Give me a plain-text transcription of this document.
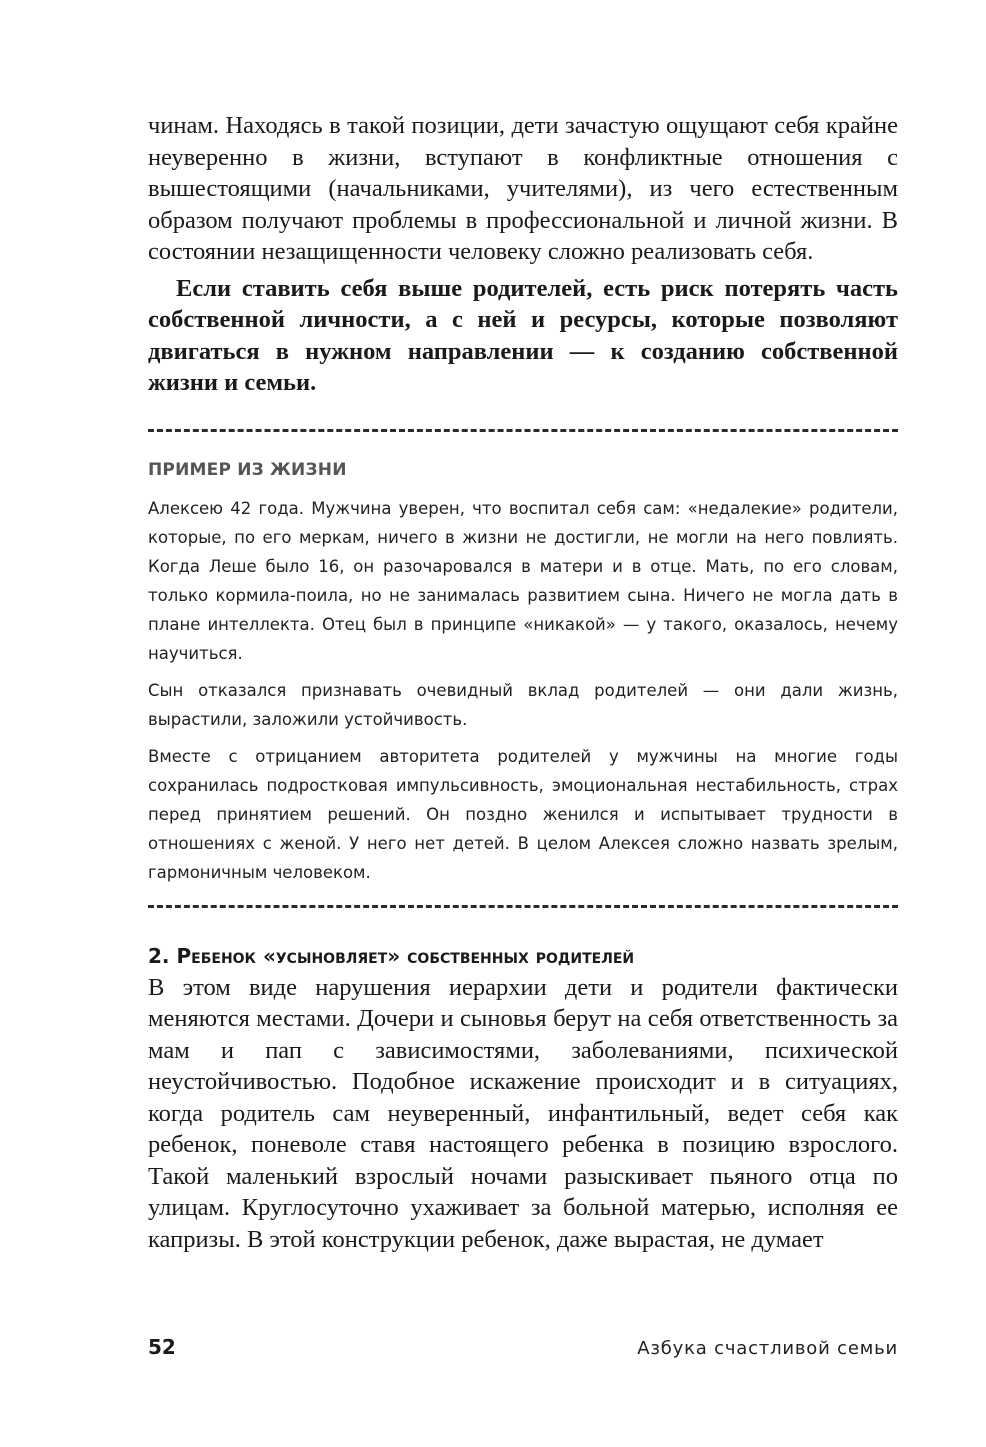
чинам. Находясь в такой позиции, дети зачастую ощущают себя крайне неуверенно в жизни, вступают в конфликтные отношения с вышестоящими (начальниками, учителями), из чего естественным образом получают проблемы в профессиональной и личной жизни. В состоянии незащищенности человеку сложно реализовать себя.

Если ставить себя выше родителей, есть риск потерять часть собственной личности, а с ней и ресурсы, которые позволяют двигаться в нужном направлении — к созданию собственной жизни и семьи.

ПРИМЕР ИЗ ЖИЗНИ

Алексею 42 года. Мужчина уверен, что воспитал себя сам: «недалекие» родители, которые, по его меркам, ничего в жизни не достигли, не могли на него повлиять. Когда Леше было 16, он разочаровался в матери и в отце. Мать, по его словам, только кормила-поила, но не занималась развитием сына. Ничего не могла дать в плане интеллекта. Отец был в принципе «никакой» — у такого, оказалось, нечему научиться.

Сын отказался признавать очевидный вклад родителей — они дали жизнь, вырастили, заложили устойчивость.

Вместе с отрицанием авторитета родителей у мужчины на многие годы сохранилась подростковая импульсивность, эмоциональная нестабильность, страх перед принятием решений. Он поздно женился и испытывает трудности в отношениях с женой. У него нет детей. В целом Алексея сложно назвать зрелым, гармоничным человеком.

2. Ребенок «усыновляет» собственных родителей

В этом виде нарушения иерархии дети и родители фактически меняются местами. Дочери и сыновья берут на себя ответственность за мам и пап с зависимостями, заболеваниями, психической неустойчивостью. Подобное искажение происходит и в ситуациях, когда родитель сам неуверенный, инфантильный, ведет себя как ребенок, поневоле ставя настоящего ребенка в позицию взрослого. Такой маленький взрослый ночами разыскивает пьяного отца по улицам. Круглосуточно ухаживает за больной матерью, исполняя ее капризы. В этой конструкции ребенок, даже вырастая, не думает

52	Азбука счастливой семьи
